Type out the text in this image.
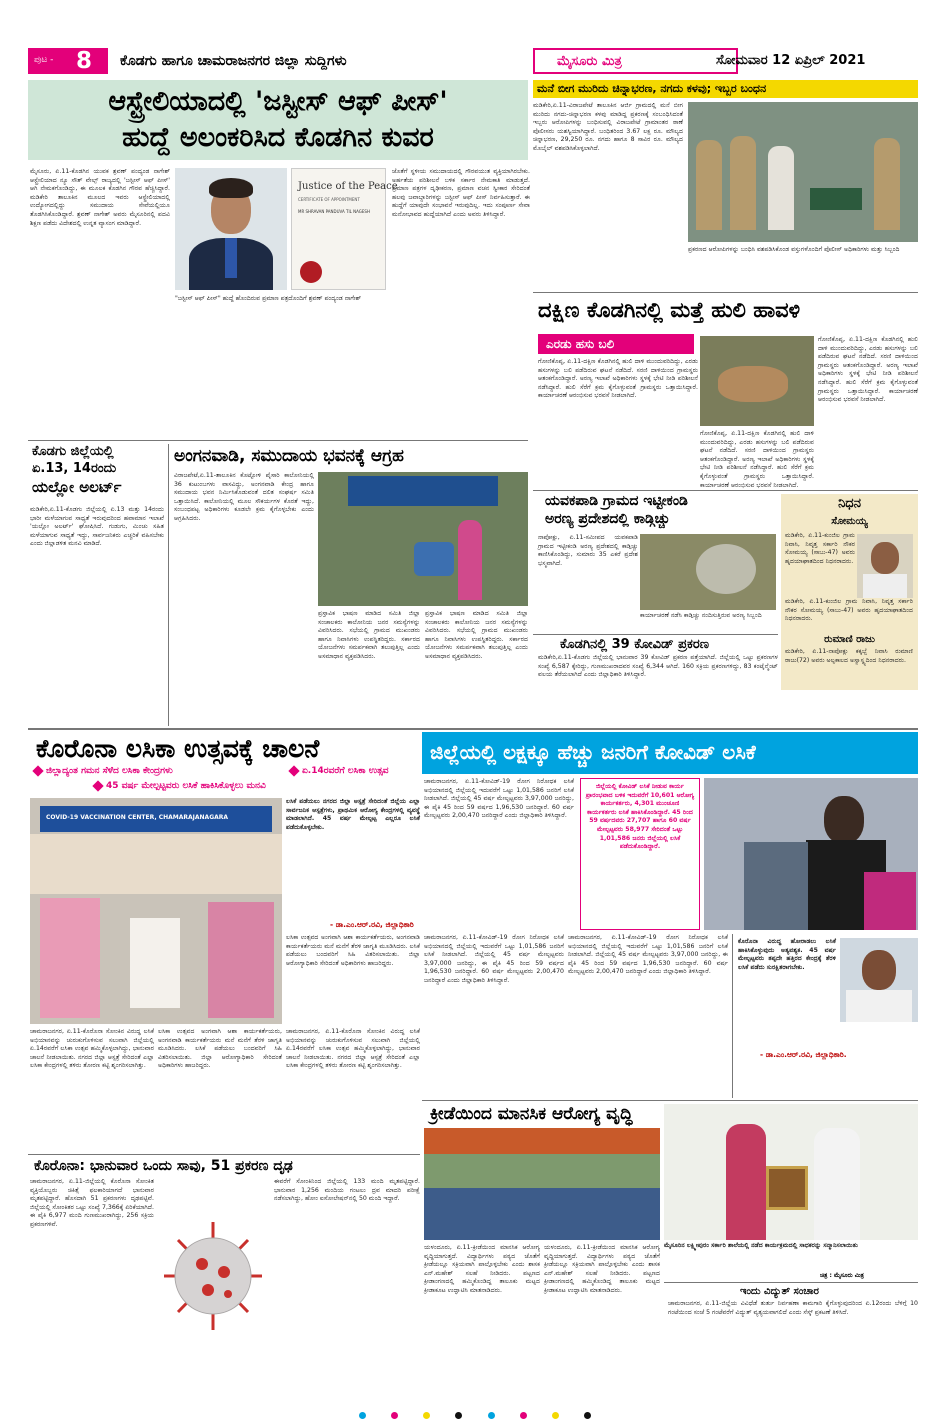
ಪುಟ - 8 ಕೊಡಗು ಹಾಗೂ ಚಾಮರಾಜನಗರ ಜಿಲ್ಲಾ ಸುದ್ದಿಗಳು	ಮೈಸೂರು ಮಿತ್ರ	ಸೋಮವಾರ 12 ಏಪ್ರಿಲ್ 2021
ಆಸ್ಟ್ರೇಲಿಯಾದಲ್ಲಿ 'ಜಸ್ಟೀಸ್ ಆಫ್ ಪೀಸ್'
ಹುದ್ದೆ ಅಲಂಕರಿಸಿದ ಕೊಡಗಿನ ಕುವರ
ಮೈಸೂರು, ಏ.11-ಕೊಡಗಿನ ಯುವಕ ಶ್ರವಣ್ ಪಂದ್ಯಂಡ ನಾಗೇಶ್ ಆಸ್ಟ್ರೇಲಿಯಾದ ನ್ಯೂ ಸೌತ್ ವೇಲ್ಸ್ ರಾಜ್ಯದಲ್ಲಿ 'ಜಸ್ಟೀಸ್ ಆಫ್ ಪೀಸ್' ಆಗಿ ನೇಮಕಗೊಂಡಿದ್ದು, ಈ ಮೂಲಕ ಕೊಡಗಿನ ಗೌರವ ಹೆಚ್ಚಿಸಿದ್ದಾರೆ. ಮಡಿಕೇರಿ ತಾಲೂಕಿನ ಮೂಲದ ಇವರು ಆಸ್ಟ್ರೇಲಿಯಾದಲ್ಲಿ ಉದ್ಯೋಗದಲ್ಲಿದ್ದು ಸಮುದಾಯ ಸೇವೆಯಲ್ಲಿಯೂ ತೊಡಗಿಸಿಕೊಂಡಿದ್ದಾರೆ. ಶ್ರವಣ್ ನಾಗೇಶ್ ಅವರು ಮೈಸೂರಿನಲ್ಲಿ ಪದವಿ ಶಿಕ್ಷಣ ಪಡೆದು ವಿದೇಶದಲ್ಲಿ ಉನ್ನತ ವ್ಯಾಸಂಗ ಮಾಡಿದ್ದಾರೆ.
Justice of the Peace
CERTIFICATE OF APPOINTMENT
MR SHRAVAN PANDUVA TIL NAGESH
"ಜಸ್ಟೀಸ್ ಆಫ್ ಪೀಸ್" ಹುದ್ದೆ ಹೊಂದಿರುವ ಪ್ರಮಾಣ ಪತ್ರದೊಂದಿಗೆ ಶ್ರವಣ್ ಪಂದ್ಯಂಡ ನಾಗೇಶ್
ಜೊತೆಗೆ ಸ್ಥಳೀಯ ಸಮುದಾಯದಲ್ಲಿ ಗೌರವಯುತ ವ್ಯಕ್ತಿಯಾಗಿರಬೇಕು. ಅರ್ಹತೆಯ ಪರಿಶೀಲನೆ ಬಳಿಕ ಸರ್ಕಾರ ನೇಮಕಾತಿ ಮಾಡುತ್ತದೆ. ಪ್ರಮಾಣ ಪತ್ರಗಳ ದೃಢೀಕರಣ, ಪ್ರಮಾಣ ವಚನ ಸ್ವೀಕಾರ ಸೇರಿದಂತೆ ಹಲವು ಜವಾಬ್ದಾರಿಗಳನ್ನು ಜಸ್ಟೀಸ್ ಆಫ್ ಪೀಸ್ ನಿರ್ವಹಿಸುತ್ತಾರೆ. ಈ ಹುದ್ದೆಗೆ ಯಾವುದೇ ಸಂಭಾವನೆ ಇರುವುದಿಲ್ಲ. ಇದು ಸಂಪೂರ್ಣ ಸೇವಾ ಮನೋಭಾವದ ಹುದ್ದೆಯಾಗಿದೆ ಎಂದು ಅವರು ತಿಳಿಸಿದ್ದಾರೆ.
ಮನೆ ಬೀಗ ಮುರಿದು ಚಿನ್ನಾಭರಣ, ನಗದು ಕಳವು; ಇಬ್ಬರ ಬಂಧನ
ಮಡಿಕೇರಿ,ಏ.11-ವಿರಾಜಪೇಟೆ ತಾಲೂಕಿನ ಆರ್ಜಿ ಗ್ರಾಮದಲ್ಲಿ ಮನೆ ಬೀಗ ಮುರಿದು ನಗದು-ಚಿನ್ನಾಭರಣ ಕಳವು ಮಾಡಿದ್ದ ಪ್ರಕರಣಕ್ಕೆ ಸಂಬಂಧಿಸಿದಂತೆ ಇಬ್ಬರು ಆರೋಪಿಗಳನ್ನು ಬಂಧಿಸುವಲ್ಲಿ ವಿರಾಜಪೇಟೆ ಗ್ರಾಮಾಂತರ ಠಾಣೆ ಪೊಲೀಸರು ಯಶಸ್ವಿಯಾಗಿದ್ದಾರೆ. ಬಂಧಿತರಿಂದ 3.67 ಲಕ್ಷ ರೂ. ಮೌಲ್ಯದ ಚಿನ್ನಾಭರಣ, 29,250 ರೂ. ನಗದು ಹಾಗೂ 8 ಸಾವಿರ ರೂ. ಮೌಲ್ಯದ ಮೊಬೈಲ್ ವಶಪಡಿಸಿಕೊಳ್ಳಲಾಗಿದೆ.
ಪ್ರಕರಣದ ಆರೋಪಿಗಳನ್ನು ಬಂಧಿಸಿ ವಶಪಡಿಸಿಕೊಂಡ ವಸ್ತುಗಳೊಂದಿಗೆ ಪೊಲೀಸ್ ಅಧಿಕಾರಿಗಳು ಮತ್ತು ಸಿಬ್ಬಂದಿ
ದಕ್ಷಿಣ ಕೊಡಗಿನಲ್ಲಿ ಮತ್ತೆ ಹುಲಿ ಹಾವಳಿ
ಎರಡು ಹಸು ಬಲಿ
ಗೋಣಿಕೊಪ್ಪ, ಏ.11-ದಕ್ಷಿಣ ಕೊಡಗಿನಲ್ಲಿ ಹುಲಿ ದಾಳಿ ಮುಂದುವರಿದಿದ್ದು, ಎರಡು ಹಸುಗಳನ್ನು ಬಲಿ ಪಡೆದಿರುವ ಘಟನೆ ನಡೆದಿದೆ. ಸರಣಿ ದಾಳಿಯಿಂದ ಗ್ರಾಮಸ್ಥರು ಆತಂಕಗೊಂಡಿದ್ದಾರೆ. ಅರಣ್ಯ ಇಲಾಖೆ ಅಧಿಕಾರಿಗಳು ಸ್ಥಳಕ್ಕೆ ಭೇಟಿ ನೀಡಿ ಪರಿಶೀಲನೆ ನಡೆಸಿದ್ದಾರೆ. ಹುಲಿ ಸೆರೆಗೆ ಕ್ರಮ ಕೈಗೊಳ್ಳುವಂತೆ ಗ್ರಾಮಸ್ಥರು ಒತ್ತಾಯಿಸಿದ್ದಾರೆ. ಕಾರ್ಯಾಚರಣೆ ಆರಂಭಿಸುವ ಭರವಸೆ ನೀಡಲಾಗಿದೆ.
ಗೋಣಿಕೊಪ್ಪ, ಏ.11-ದಕ್ಷಿಣ ಕೊಡಗಿನಲ್ಲಿ ಹುಲಿ ದಾಳಿ ಮುಂದುವರಿದಿದ್ದು, ಎರಡು ಹಸುಗಳನ್ನು ಬಲಿ ಪಡೆದಿರುವ ಘಟನೆ ನಡೆದಿದೆ. ಸರಣಿ ದಾಳಿಯಿಂದ ಗ್ರಾಮಸ್ಥರು ಆತಂಕಗೊಂಡಿದ್ದಾರೆ. ಅರಣ್ಯ ಇಲಾಖೆ ಅಧಿಕಾರಿಗಳು ಸ್ಥಳಕ್ಕೆ ಭೇಟಿ ನೀಡಿ ಪರಿಶೀಲನೆ ನಡೆಸಿದ್ದಾರೆ. ಹುಲಿ ಸೆರೆಗೆ ಕ್ರಮ ಕೈಗೊಳ್ಳುವಂತೆ ಗ್ರಾಮಸ್ಥರು ಒತ್ತಾಯಿಸಿದ್ದಾರೆ. ಕಾರ್ಯಾಚರಣೆ ಆರಂಭಿಸುವ ಭರವಸೆ ನೀಡಲಾಗಿದೆ.
ಗೋಣಿಕೊಪ್ಪ, ಏ.11-ದಕ್ಷಿಣ ಕೊಡಗಿನಲ್ಲಿ ಹುಲಿ ದಾಳಿ ಮುಂದುವರಿದಿದ್ದು, ಎರಡು ಹಸುಗಳನ್ನು ಬಲಿ ಪಡೆದಿರುವ ಘಟನೆ ನಡೆದಿದೆ. ಸರಣಿ ದಾಳಿಯಿಂದ ಗ್ರಾಮಸ್ಥರು ಆತಂಕಗೊಂಡಿದ್ದಾರೆ. ಅರಣ್ಯ ಇಲಾಖೆ ಅಧಿಕಾರಿಗಳು ಸ್ಥಳಕ್ಕೆ ಭೇಟಿ ನೀಡಿ ಪರಿಶೀಲನೆ ನಡೆಸಿದ್ದಾರೆ. ಹುಲಿ ಸೆರೆಗೆ ಕ್ರಮ ಕೈಗೊಳ್ಳುವಂತೆ ಗ್ರಾಮಸ್ಥರು ಒತ್ತಾಯಿಸಿದ್ದಾರೆ. ಕಾರ್ಯಾಚರಣೆ ಆರಂಭಿಸುವ ಭರವಸೆ ನೀಡಲಾಗಿದೆ.
ಕೊಡಗು ಜಿಲ್ಲೆಯಲ್ಲಿ
ಏ.13, 14ರಂದು
ಯಲ್ಲೋ ಅಲರ್ಟ್
ಮಡಿಕೇರಿ,ಏ.11-ಕೊಡಗು ಜಿಲ್ಲೆಯಲ್ಲಿ ಏ.13 ಮತ್ತು 14ರಂದು ಭಾರೀ ಮಳೆಯಾಗುವ ಸಾಧ್ಯತೆ ಇರುವುದರಿಂದ ಹವಾಮಾನ ಇಲಾಖೆ 'ಯಲ್ಲೋ ಅಲರ್ಟ್' ಘೋಷಿಸಿದೆ. ಗುಡುಗು, ಮಿಂಚು ಸಹಿತ ಮಳೆಯಾಗುವ ಸಾಧ್ಯತೆ ಇದ್ದು, ಸಾರ್ವಜನಿಕರು ಎಚ್ಚರಿಕೆ ವಹಿಸಬೇಕು ಎಂದು ಜಿಲ್ಲಾಡಳಿತ ಮನವಿ ಮಾಡಿದೆ.
ಅಂಗನವಾಡಿ, ಸಮುದಾಯ ಭವನಕ್ಕೆ ಆಗ್ರಹ
ವಿರಾಜಪೇಟೆ,ಏ.11-ತಾಲೂಕಿನ ಕೊಟ್ಟೋಳಿ ಪೈಸಾರಿ ಕಾಲೋನಿಯಲ್ಲಿ 36 ಕುಟುಂಬಗಳು ವಾಸವಿದ್ದು, ಅಂಗನವಾಡಿ ಕೇಂದ್ರ ಹಾಗೂ ಸಮುದಾಯ ಭವನ ನಿರ್ಮಿಸಿಕೊಡುವಂತೆ ದಲಿತ ಸಂಘರ್ಷ ಸಮಿತಿ ಒತ್ತಾಯಿಸಿದೆ. ಕಾಲೋನಿಯಲ್ಲಿ ಮೂಲ ಸೌಕರ್ಯಗಳ ಕೊರತೆ ಇದ್ದು, ಸಂಬಂಧಪಟ್ಟ ಅಧಿಕಾರಿಗಳು ಕೂಡಲೇ ಕ್ರಮ ಕೈಗೊಳ್ಳಬೇಕು ಎಂದು ಆಗ್ರಹಿಸಿದರು.
ಪ್ರಸ್ತಾವಿಕ ಭಾಷಣ ಮಾಡಿದ ಸಮಿತಿ ಜಿಲ್ಲಾ ಸಂಚಾಲಕರು ಕಾಲೋನಿಯ ಜನರ ಸಮಸ್ಯೆಗಳನ್ನು ವಿವರಿಸಿದರು. ಸಭೆಯಲ್ಲಿ ಗ್ರಾಮದ ಮುಖಂಡರು ಹಾಗೂ ನಿವಾಸಿಗಳು ಉಪಸ್ಥಿತರಿದ್ದರು. ಸರ್ಕಾರದ ಯೋಜನೆಗಳು ಸಮರ್ಪಕವಾಗಿ ತಲುಪುತ್ತಿಲ್ಲ ಎಂದು ಅಸಮಾಧಾನ ವ್ಯಕ್ತಪಡಿಸಿದರು.
ಪ್ರಸ್ತಾವಿಕ ಭಾಷಣ ಮಾಡಿದ ಸಮಿತಿ ಜಿಲ್ಲಾ ಸಂಚಾಲಕರು ಕಾಲೋನಿಯ ಜನರ ಸಮಸ್ಯೆಗಳನ್ನು ವಿವರಿಸಿದರು. ಸಭೆಯಲ್ಲಿ ಗ್ರಾಮದ ಮುಖಂಡರು ಹಾಗೂ ನಿವಾಸಿಗಳು ಉಪಸ್ಥಿತರಿದ್ದರು. ಸರ್ಕಾರದ ಯೋಜನೆಗಳು ಸಮರ್ಪಕವಾಗಿ ತಲುಪುತ್ತಿಲ್ಲ ಎಂದು ಅಸಮಾಧಾನ ವ್ಯಕ್ತಪಡಿಸಿದರು.
ಯವಕಪಾಡಿ ಗ್ರಾಮದ ಇಟ್ಟೀಕಂಡಿ
ಅರಣ್ಯ ಪ್ರದೇಶದಲ್ಲಿ ಕಾಡ್ಗಿಚ್ಚು
ನಾಪೋಕ್ಲು, ಏ.11-ಸಮೀಪದ ಯವಕಪಾಡಿ ಗ್ರಾಮದ ಇಟ್ಟೀಕಂಡಿ ಅರಣ್ಯ ಪ್ರದೇಶದಲ್ಲಿ ಕಾಡ್ಗಿಚ್ಚು ಕಾಣಿಸಿಕೊಂಡಿದ್ದು, ಸುಮಾರು 35 ಎಕರೆ ಪ್ರದೇಶ ಭಸ್ಮವಾಗಿದೆ.
ಕಾರ್ಯಾಚರಣೆ ನಡೆಸಿ ಕಾಡ್ಗಿಚ್ಚು ನಂದಿಸುತ್ತಿರುವ ಅರಣ್ಯ ಸಿಬ್ಬಂದಿ
ನಿಧನ
ಸೋಮಯ್ಯ
ಮಡಿಕೇರಿ, ಏ.11-ಕುಂಜಿಲ ಗ್ರಾಮ ನಿವಾಸಿ, ನಿವೃತ್ತ ಸರ್ಕಾರಿ ನೌಕರ ಸೋಮಯ್ಯ (ಸಾಬು-47) ಅವರು ಹೃದಯಾಘಾತದಿಂದ ನಿಧನರಾದರು.
ಮಡಿಕೇರಿ, ಏ.11-ಕುಂಜಿಲ ಗ್ರಾಮ ನಿವಾಸಿ, ನಿವೃತ್ತ ಸರ್ಕಾರಿ ನೌಕರ ಸೋಮಯ್ಯ (ಸಾಬು-47) ಅವರು ಹೃದಯಾಘಾತದಿಂದ ನಿಧನರಾದರು.
ರುಮಾಣಿ ರಾಜು
ಮಡಿಕೇರಿ, ಏ.11-ನಾಪೋಕ್ಲು ಕಕ್ಕಬ್ಬೆ ನಿವಾಸಿ ರುಮಾಣಿ ರಾಜು(72) ಅವರು ಅಲ್ಪಕಾಲದ ಅಸ್ವಾಸ್ಥ್ಯದಿಂದ ನಿಧನರಾದರು.
ಕೊಡಗಿನಲ್ಲಿ 39 ಕೋವಿಡ್ ಪ್ರಕರಣ
ಮಡಿಕೇರಿ,ಏ.11-ಕೊಡಗು ಜಿಲ್ಲೆಯಲ್ಲಿ ಭಾನುವಾರ 39 ಕೋವಿಡ್ ಪ್ರಕರಣ ಪತ್ತೆಯಾಗಿದೆ. ಜಿಲ್ಲೆಯಲ್ಲಿ ಒಟ್ಟು ಪ್ರಕರಣಗಳ ಸಂಖ್ಯೆ 6,587 ಕ್ಕೇರಿದ್ದು, ಗುಣಮುಖರಾದವರ ಸಂಖ್ಯೆ 6,344 ಆಗಿದೆ. 160 ಸಕ್ರಿಯ ಪ್ರಕರಣಗಳಿದ್ದು, 83 ಕಂಟೈನ್ಮೆಂಟ್ ವಲಯ ತೆರೆಯಲಾಗಿದೆ ಎಂದು ಜಿಲ್ಲಾಧಿಕಾರಿ ತಿಳಿಸಿದ್ದಾರೆ.
ಕೊರೊನಾ ಲಸಿಕಾ ಉತ್ಸವಕ್ಕೆ ಚಾಲನೆ
ಜಿಲ್ಲಾದ್ಯಂತ ಗಮನ ಸೆಳೆದ ಲಸಿಕಾ ಕೇಂದ್ರಗಳು	ಏ.14ರವರೆಗೆ ಲಸಿಕಾ ಉತ್ಸವ
45 ವರ್ಷ ಮೇಲ್ಪಟ್ಟವರು ಲಸಿಕೆ ಹಾಕಿಸಿಕೊಳ್ಳಲು ಮನವಿ
COVID-19 VACCINATION CENTER, CHAMARAJANAGARA
ಲಸಿಕೆ ಪಡೆಯಲು ನಗರದ ಜಿಲ್ಲಾ ಆಸ್ಪತ್ರೆ ಸೇರಿದಂತೆ ಜಿಲ್ಲೆಯ ಎಲ್ಲಾ ಸಾರ್ವಜನಿಕ ಆಸ್ಪತ್ರೆಗಳು, ಪ್ರಾಥಮಿಕ ಆರೋಗ್ಯ ಕೇಂದ್ರಗಳಲ್ಲಿ ವ್ಯವಸ್ಥೆ ಮಾಡಲಾಗಿದೆ. 45 ವರ್ಷ ಮೇಲ್ಪಟ್ಟ ಎಲ್ಲರೂ ಲಸಿಕೆ ಪಡೆದುಕೊಳ್ಳಬೇಕು.
- ಡಾ.ಎಂ.ಆರ್.ರವಿ, ಜಿಲ್ಲಾಧಿಕಾರಿ
ಲಸಿಕಾ ಉತ್ಸವದ ಅಂಗವಾಗಿ ಆಶಾ ಕಾರ್ಯಕರ್ತೆಯರು, ಅಂಗನವಾಡಿ ಕಾರ್ಯಕರ್ತೆಯರು ಮನೆ ಮನೆಗೆ ತೆರಳಿ ಜಾಗೃತಿ ಮೂಡಿಸಿದರು. ಲಸಿಕೆ ಪಡೆಯಲು ಬಂದವರಿಗೆ ಸಿಹಿ ವಿತರಿಸಲಾಯಿತು. ಜಿಲ್ಲಾ ಆರೋಗ್ಯಾಧಿಕಾರಿ ಸೇರಿದಂತೆ ಅಧಿಕಾರಿಗಳು ಹಾಜರಿದ್ದರು.
ಚಾಮರಾಜನಗರ, ಏ.11-ಕೊರೊನಾ ಸೋಂಕಿನ ವಿರುದ್ಧ ಲಸಿಕೆ ಅಭಿಯಾನವನ್ನು ಚುರುಕುಗೊಳಿಸುವ ಸಲುವಾಗಿ ಜಿಲ್ಲೆಯಲ್ಲಿ ಏ.14ರವರೆಗೆ ಲಸಿಕಾ ಉತ್ಸವ ಹಮ್ಮಿಕೊಳ್ಳಲಾಗಿದ್ದು, ಭಾನುವಾರ ಚಾಲನೆ ನೀಡಲಾಯಿತು. ನಗರದ ಜಿಲ್ಲಾ ಆಸ್ಪತ್ರೆ ಸೇರಿದಂತೆ ಎಲ್ಲಾ ಲಸಿಕಾ ಕೇಂದ್ರಗಳಲ್ಲಿ ತಳಿರು ತೋರಣ ಕಟ್ಟಿ ಶೃಂಗರಿಸಲಾಗಿತ್ತು.
ಲಸಿಕಾ ಉತ್ಸವದ ಅಂಗವಾಗಿ ಆಶಾ ಕಾರ್ಯಕರ್ತೆಯರು, ಅಂಗನವಾಡಿ ಕಾರ್ಯಕರ್ತೆಯರು ಮನೆ ಮನೆಗೆ ತೆರಳಿ ಜಾಗೃತಿ ಮೂಡಿಸಿದರು. ಲಸಿಕೆ ಪಡೆಯಲು ಬಂದವರಿಗೆ ಸಿಹಿ ವಿತರಿಸಲಾಯಿತು. ಜಿಲ್ಲಾ ಆರೋಗ್ಯಾಧಿಕಾರಿ ಸೇರಿದಂತೆ ಅಧಿಕಾರಿಗಳು ಹಾಜರಿದ್ದರು.
ಚಾಮರಾಜನಗರ, ಏ.11-ಕೊರೊನಾ ಸೋಂಕಿನ ವಿರುದ್ಧ ಲಸಿಕೆ ಅಭಿಯಾನವನ್ನು ಚುರುಕುಗೊಳಿಸುವ ಸಲುವಾಗಿ ಜಿಲ್ಲೆಯಲ್ಲಿ ಏ.14ರವರೆಗೆ ಲಸಿಕಾ ಉತ್ಸವ ಹಮ್ಮಿಕೊಳ್ಳಲಾಗಿದ್ದು, ಭಾನುವಾರ ಚಾಲನೆ ನೀಡಲಾಯಿತು. ನಗರದ ಜಿಲ್ಲಾ ಆಸ್ಪತ್ರೆ ಸೇರಿದಂತೆ ಎಲ್ಲಾ ಲಸಿಕಾ ಕೇಂದ್ರಗಳಲ್ಲಿ ತಳಿರು ತೋರಣ ಕಟ್ಟಿ ಶೃಂಗರಿಸಲಾಗಿತ್ತು.
ಜಿಲ್ಲೆಯಲ್ಲಿ ಲಕ್ಷಕ್ಕೂ ಹೆಚ್ಚು ಜನರಿಗೆ ಕೋವಿಡ್ ಲಸಿಕೆ
ಚಾಮರಾಜನಗರ, ಏ.11-ಕೋವಿಡ್-19 ರೋಗ ನಿರೋಧಕ ಲಸಿಕೆ ಅಭಿಯಾನದಲ್ಲಿ ಜಿಲ್ಲೆಯಲ್ಲಿ ಇದುವರೆಗೆ ಒಟ್ಟು 1,01,586 ಜನರಿಗೆ ಲಸಿಕೆ ನೀಡಲಾಗಿದೆ. ಜಿಲ್ಲೆಯಲ್ಲಿ 45 ವರ್ಷ ಮೇಲ್ಪಟ್ಟವರು 3,97,000 ಜನರಿದ್ದು, ಈ ಪೈಕಿ 45 ರಿಂದ 59 ವರ್ಷದ 1,96,530 ಜನರಿದ್ದಾರೆ. 60 ವರ್ಷ ಮೇಲ್ಪಟ್ಟವರು 2,00,470 ಜನರಿದ್ದಾರೆ ಎಂದು ಜಿಲ್ಲಾಧಿಕಾರಿ ತಿಳಿಸಿದ್ದಾರೆ.
ಜಿಲ್ಲೆಯಲ್ಲಿ ಕೋವಿಡ್ ಲಸಿಕೆ ನೀಡುವ ಕಾರ್ಯ ಪ್ರಾರಂಭವಾದ ಬಳಿಕ ಇದುವರೆಗೆ 10,601 ಆರೋಗ್ಯ ಕಾರ್ಯಕರ್ತರು, 4,301 ಮುಂಚೂಣಿ ಕಾರ್ಯಕರ್ತರು ಲಸಿಕೆ ಹಾಕಿಸಿಕೊಂಡಿದ್ದಾರೆ. 45 ರಿಂದ 59 ವರ್ಷದವರು 27,707 ಹಾಗೂ 60 ವರ್ಷ ಮೇಲ್ಪಟ್ಟವರು 58,977 ಸೇರಿದಂತೆ ಒಟ್ಟು 1,01,586 ಜನರು ಜಿಲ್ಲೆಯಲ್ಲಿ ಲಸಿಕೆ ಪಡೆದುಕೊಂಡಿದ್ದಾರೆ.
ಚಾಮರಾಜನಗರ, ಏ.11-ಕೋವಿಡ್-19 ರೋಗ ನಿರೋಧಕ ಲಸಿಕೆ ಅಭಿಯಾನದಲ್ಲಿ ಜಿಲ್ಲೆಯಲ್ಲಿ ಇದುವರೆಗೆ ಒಟ್ಟು 1,01,586 ಜನರಿಗೆ ಲಸಿಕೆ ನೀಡಲಾಗಿದೆ. ಜಿಲ್ಲೆಯಲ್ಲಿ 45 ವರ್ಷ ಮೇಲ್ಪಟ್ಟವರು 3,97,000 ಜನರಿದ್ದು, ಈ ಪೈಕಿ 45 ರಿಂದ 59 ವರ್ಷದ 1,96,530 ಜನರಿದ್ದಾರೆ. 60 ವರ್ಷ ಮೇಲ್ಪಟ್ಟವರು 2,00,470 ಜನರಿದ್ದಾರೆ ಎಂದು ಜಿಲ್ಲಾಧಿಕಾರಿ ತಿಳಿಸಿದ್ದಾರೆ.
ಚಾಮರಾಜನಗರ, ಏ.11-ಕೋವಿಡ್-19 ರೋಗ ನಿರೋಧಕ ಲಸಿಕೆ ಅಭಿಯಾನದಲ್ಲಿ ಜಿಲ್ಲೆಯಲ್ಲಿ ಇದುವರೆಗೆ ಒಟ್ಟು 1,01,586 ಜನರಿಗೆ ಲಸಿಕೆ ನೀಡಲಾಗಿದೆ. ಜಿಲ್ಲೆಯಲ್ಲಿ 45 ವರ್ಷ ಮೇಲ್ಪಟ್ಟವರು 3,97,000 ಜನರಿದ್ದು, ಈ ಪೈಕಿ 45 ರಿಂದ 59 ವರ್ಷದ 1,96,530 ಜನರಿದ್ದಾರೆ. 60 ವರ್ಷ ಮೇಲ್ಪಟ್ಟವರು 2,00,470 ಜನರಿದ್ದಾರೆ ಎಂದು ಜಿಲ್ಲಾಧಿಕಾರಿ ತಿಳಿಸಿದ್ದಾರೆ.
ಕೊರೊನಾ ವಿರುದ್ಧ ಹೋರಾಡಲು ಲಸಿಕೆ ಹಾಕಿಸಿಕೊಳ್ಳುವುದು ಅತ್ಯವಶ್ಯಕ. 45 ವರ್ಷ ಮೇಲ್ಪಟ್ಟವರು ತಪ್ಪದೇ ಹತ್ತಿರದ ಕೇಂದ್ರಕ್ಕೆ ತೆರಳಿ ಲಸಿಕೆ ಪಡೆದು ಸುರಕ್ಷಿತರಾಗಬೇಕು.
- ಡಾ.ಎಂ.ಆರ್.ರವಿ, ಜಿಲ್ಲಾಧಿಕಾರಿ.
ಕೊರೊನಾ: ಭಾನುವಾರ ಒಂದು ಸಾವು, 51 ಪ್ರಕರಣ ದೃಢ
ಚಾಮರಾಜನಗರ, ಏ.11-ಜಿಲ್ಲೆಯಲ್ಲಿ ಕೊರೊನಾ ಸೋಂಕಿತ ವ್ಯಕ್ತಿಯೊಬ್ಬರು ಚಿಕಿತ್ಸೆ ಫಲಕಾರಿಯಾಗದೆ ಭಾನುವಾರ ಮೃತಪಟ್ಟಿದ್ದಾರೆ. ಹೊಸದಾಗಿ 51 ಪ್ರಕರಣಗಳು ದೃಢಪಟ್ಟಿವೆ. ಜಿಲ್ಲೆಯಲ್ಲಿ ಸೋಂಕಿತರ ಒಟ್ಟು ಸಂಖ್ಯೆ 7,366ಕ್ಕೆ ಏರಿಕೆಯಾಗಿದೆ. ಈ ಪೈಕಿ 6,977 ಮಂದಿ ಗುಣಮುಖರಾಗಿದ್ದು, 256 ಸಕ್ರಿಯ ಪ್ರಕರಣಗಳಿವೆ.
ಈವರೆಗೆ ಸೋಂಕಿನಿಂದ ಜಿಲ್ಲೆಯಲ್ಲಿ 133 ಮಂದಿ ಮೃತಪಟ್ಟಿದ್ದಾರೆ. ಭಾನುವಾರ 1,256 ಮಂದಿಯ ಗಂಟಲು ದ್ರವ ಮಾದರಿ ಪರೀಕ್ಷೆ ನಡೆಸಲಾಗಿದ್ದು, ಹೋಂ ಐಸೋಲೇಷನ್‌ನಲ್ಲಿ 50 ಮಂದಿ ಇದ್ದಾರೆ.
ಕ್ರೀಡೆಯಿಂದ ಮಾನಸಿಕ ಆರೋಗ್ಯ ವೃದ್ಧಿ
ಮೈಸೂರಿನ ಲಕ್ಷ್ಮೀಪುರಂ ಸರ್ಕಾರಿ ಶಾಲೆಯಲ್ಲಿ ನಡೆದ ಕಾರ್ಯಕ್ರಮದಲ್ಲಿ ಸಾಧಕರನ್ನು ಸನ್ಮಾನಿಸಲಾಯಿತು
ಚಿತ್ರ : ಮೈಸೂರು ಮಿತ್ರ
ಯಳಂದೂರು, ಏ.11-ಕ್ರೀಡೆಯಿಂದ ಮಾನಸಿಕ ಆರೋಗ್ಯ ವೃದ್ಧಿಯಾಗುತ್ತದೆ. ವಿದ್ಯಾರ್ಥಿಗಳು ಪಠ್ಯದ ಜೊತೆಗೆ ಕ್ರೀಡೆಯಲ್ಲೂ ಸಕ್ರಿಯವಾಗಿ ಪಾಲ್ಗೊಳ್ಳಬೇಕು ಎಂದು ಶಾಸಕ ಎನ್.ಮಹೇಶ್ ಸಲಹೆ ನೀಡಿದರು. ಪಟ್ಟಣದ ಕ್ರೀಡಾಂಗಣದಲ್ಲಿ ಹಮ್ಮಿಕೊಂಡಿದ್ದ ತಾಲೂಕು ಮಟ್ಟದ ಕ್ರೀಡಾಕೂಟ ಉದ್ಘಾಟಿಸಿ ಮಾತನಾಡಿದರು.
ಯಳಂದೂರು, ಏ.11-ಕ್ರೀಡೆಯಿಂದ ಮಾನಸಿಕ ಆರೋಗ್ಯ ವೃದ್ಧಿಯಾಗುತ್ತದೆ. ವಿದ್ಯಾರ್ಥಿಗಳು ಪಠ್ಯದ ಜೊತೆಗೆ ಕ್ರೀಡೆಯಲ್ಲೂ ಸಕ್ರಿಯವಾಗಿ ಪಾಲ್ಗೊಳ್ಳಬೇಕು ಎಂದು ಶಾಸಕ ಎನ್.ಮಹೇಶ್ ಸಲಹೆ ನೀಡಿದರು. ಪಟ್ಟಣದ ಕ್ರೀಡಾಂಗಣದಲ್ಲಿ ಹಮ್ಮಿಕೊಂಡಿದ್ದ ತಾಲೂಕು ಮಟ್ಟದ ಕ್ರೀಡಾಕೂಟ ಉದ್ಘಾಟಿಸಿ ಮಾತನಾಡಿದರು.	ಇಂದು ವಿದ್ಯುತ್ ಸಂಚಾರ
ಚಾಮರಾಜನಗರ, ಏ.11-ಜಿಲ್ಲೆಯ ವಿವಿಧೆಡೆ ತುರ್ತು ನಿರ್ವಹಣಾ ಕಾಮಗಾರಿ ಕೈಗೊಳ್ಳುವುದರಿಂದ ಏ.12ರಂದು ಬೆಳಿಗ್ಗೆ 10 ಗಂಟೆಯಿಂದ ಸಂಜೆ 5 ಗಂಟೆವರೆಗೆ ವಿದ್ಯುತ್ ವ್ಯತ್ಯಯವಾಗಲಿದೆ ಎಂದು ಸೆಸ್ಕ್ ಪ್ರಕಟಣೆ ತಿಳಿಸಿದೆ.
